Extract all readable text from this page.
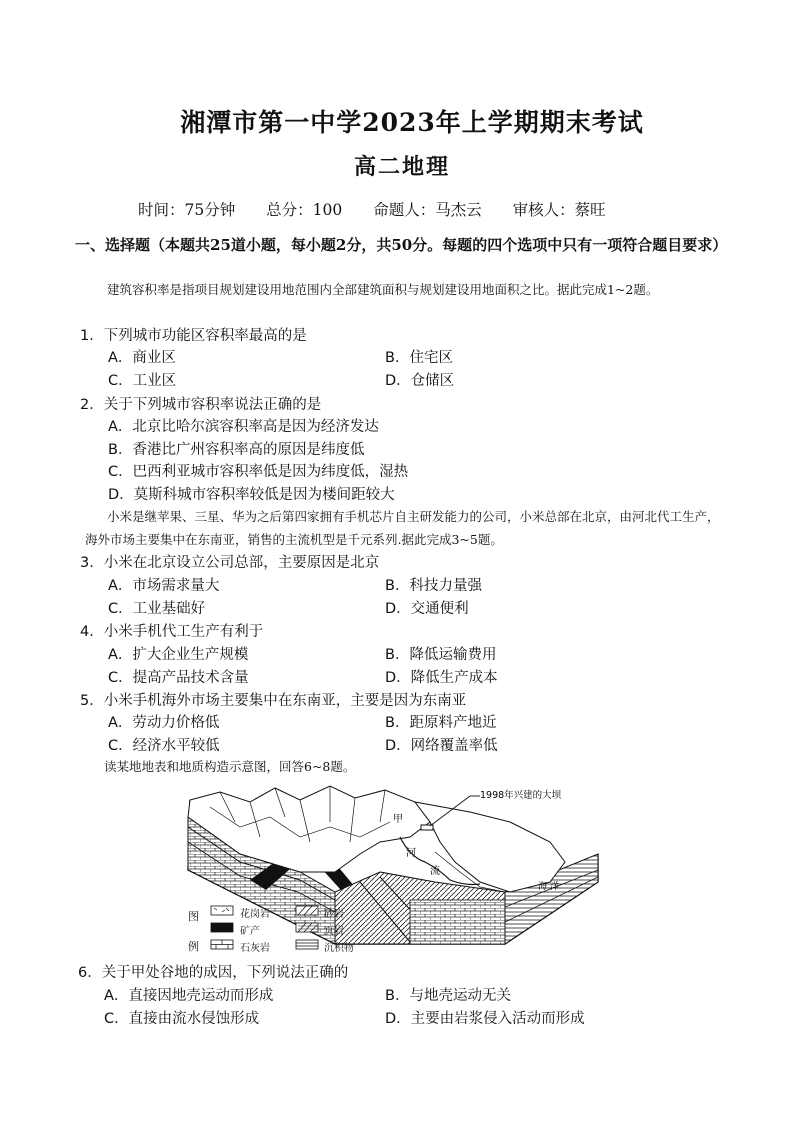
湘潭市第一中学2023年上学期期末考试
高二地理
时间：75分钟 总分：100 命题人：马杰云 审核人：蔡旺
一、选择题（本题共25道小题，每小题2分，共50分。每题的四个选项中只有一项符合题目要求）
建筑容积率是指项目规划建设用地范围内全部建筑面积与规划建设用地面积之比。据此完成1~2题。
1．下列城市功能区容积率最高的是
A．商业区	B．住宅区
C．工业区	D．仓储区
2．关于下列城市容积率说法正确的是
A．北京比哈尔滨容积率高是因为经济发达
B．香港比广州容积率高的原因是纬度低
C．巴西利亚城市容积率低是因为纬度低，湿热
D．莫斯科城市容积率较低是因为楼间距较大
小米是继苹果、三星、华为之后第四家拥有手机芯片自主研发能力的公司，小米总部在北京，由河北代工生产，海外市场主要集中在东南亚，销售的主流机型是千元系列.据此完成3~5题。
3．小米在北京设立公司总部，主要原因是北京
A．市场需求量大	B．科技力量强
C．工业基础好	D．交通便利
4．小米手机代工生产有利于
A．扩大企业生产规模	B．降低运输费用
C．提高产品技术含量	D．降低生产成本
5．小米手机海外市场主要集中在东南亚，主要是因为东南亚
A．劳动力价格低	B．距原料产地近
C．经济水平较低	D．网络覆盖率低
读某地地表和地质构造示意图，回答6~8题。
1998年兴建的大坝
甲
河
流
海 洋
图
例
花岗岩	砂岩
矿产	页岩
石灰岩	沉积物
6．关于甲处谷地的成因，下列说法正确的
A．直接因地壳运动而形成	B．与地壳运动无关
C．直接由流水侵蚀形成	D．主要由岩浆侵入活动而形成
